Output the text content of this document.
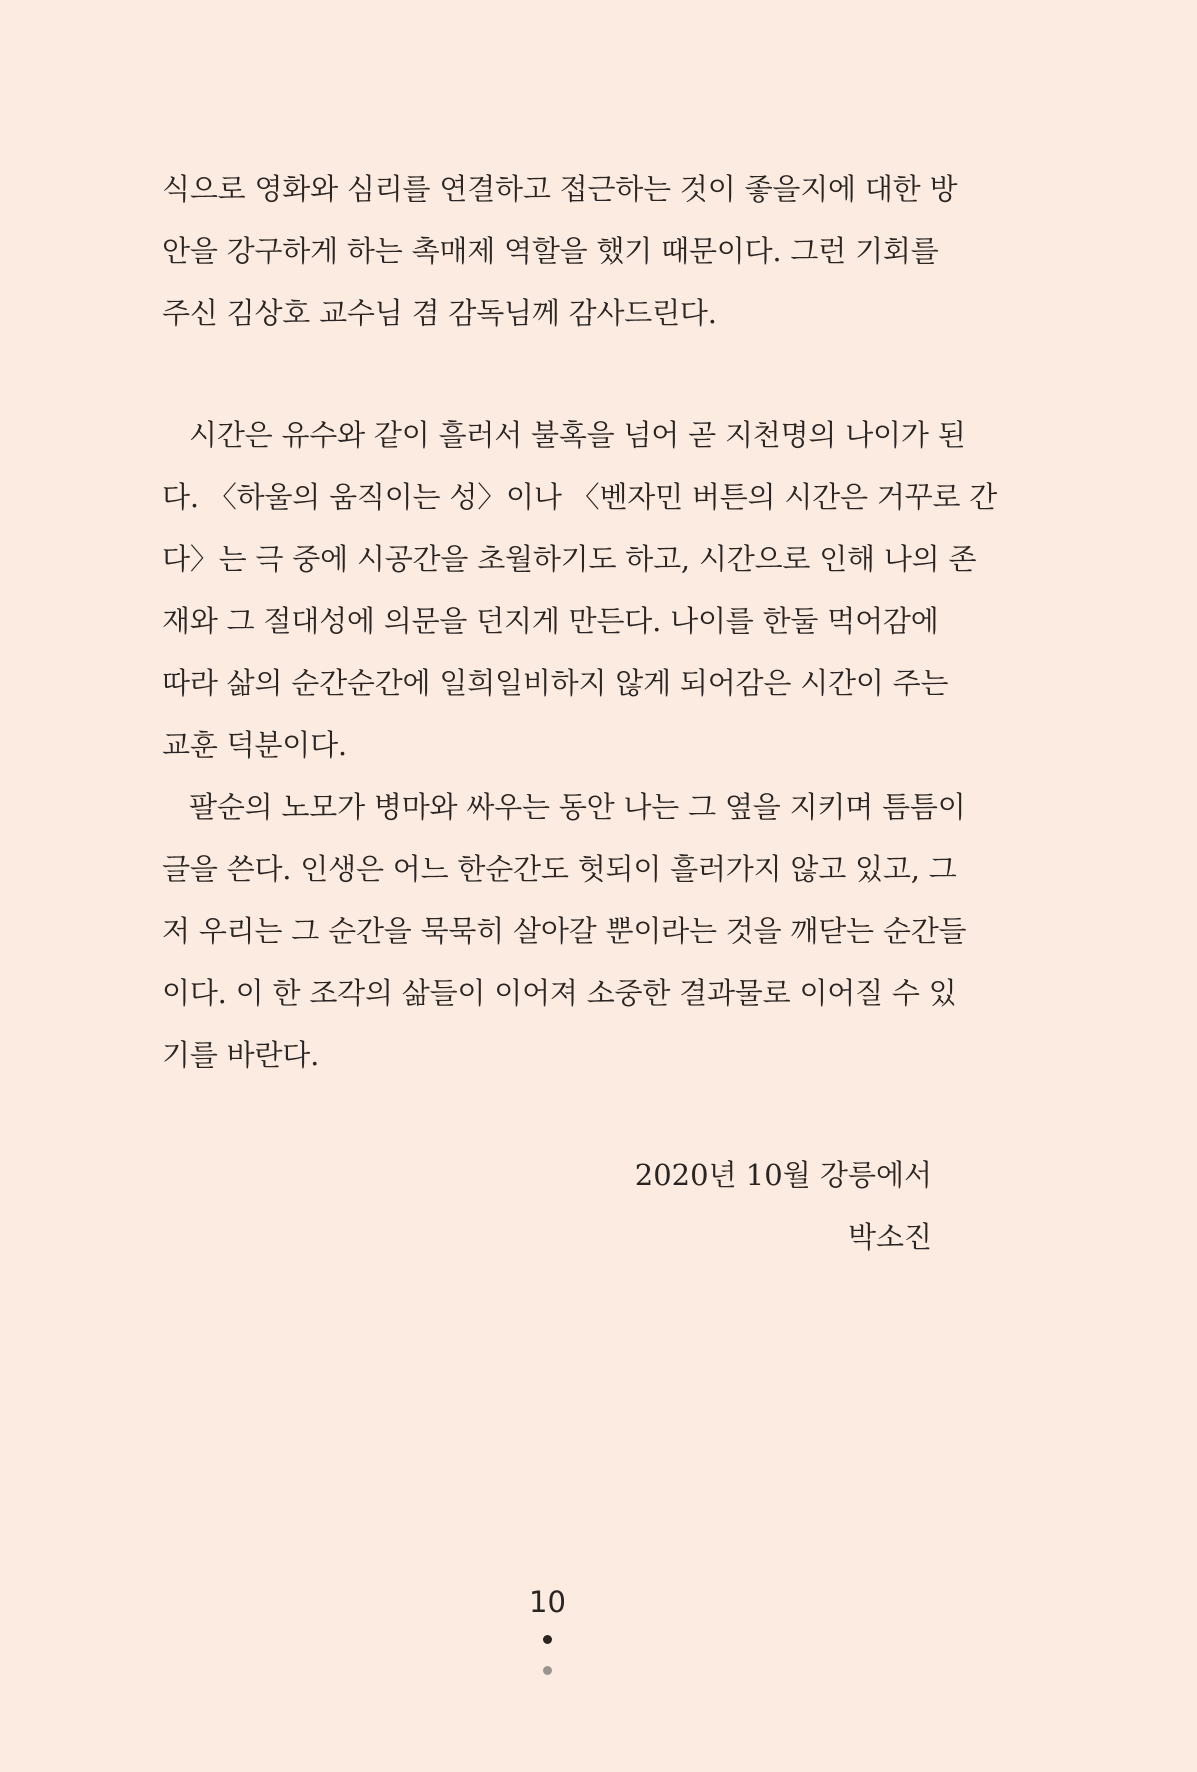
식으로 영화와 심리를 연결하고 접근하는 것이 좋을지에 대한 방
안을 강구하게 하는 촉매제 역할을 했기 때문이다. 그런 기회를
주신 김상호 교수님 겸 감독님께 감사드린다.
시간은 유수와 같이 흘러서 불혹을 넘어 곧 지천명의 나이가 된
다. 〈하울의 움직이는 성〉이나 〈벤자민 버튼의 시간은 거꾸로 간
다〉는 극 중에 시공간을 초월하기도 하고, 시간으로 인해 나의 존
재와 그 절대성에 의문을 던지게 만든다. 나이를 한둘 먹어감에
따라 삶의 순간순간에 일희일비하지 않게 되어감은 시간이 주는
교훈 덕분이다.
팔순의 노모가 병마와 싸우는 동안 나는 그 옆을 지키며 틈틈이
글을 쓴다. 인생은 어느 한순간도 헛되이 흘러가지 않고 있고, 그
저 우리는 그 순간을 묵묵히 살아갈 뿐이라는 것을 깨닫는 순간들
이다. 이 한 조각의 삶들이 이어져 소중한 결과물로 이어질 수 있
기를 바란다.
2020년 10월 강릉에서
박소진
10
